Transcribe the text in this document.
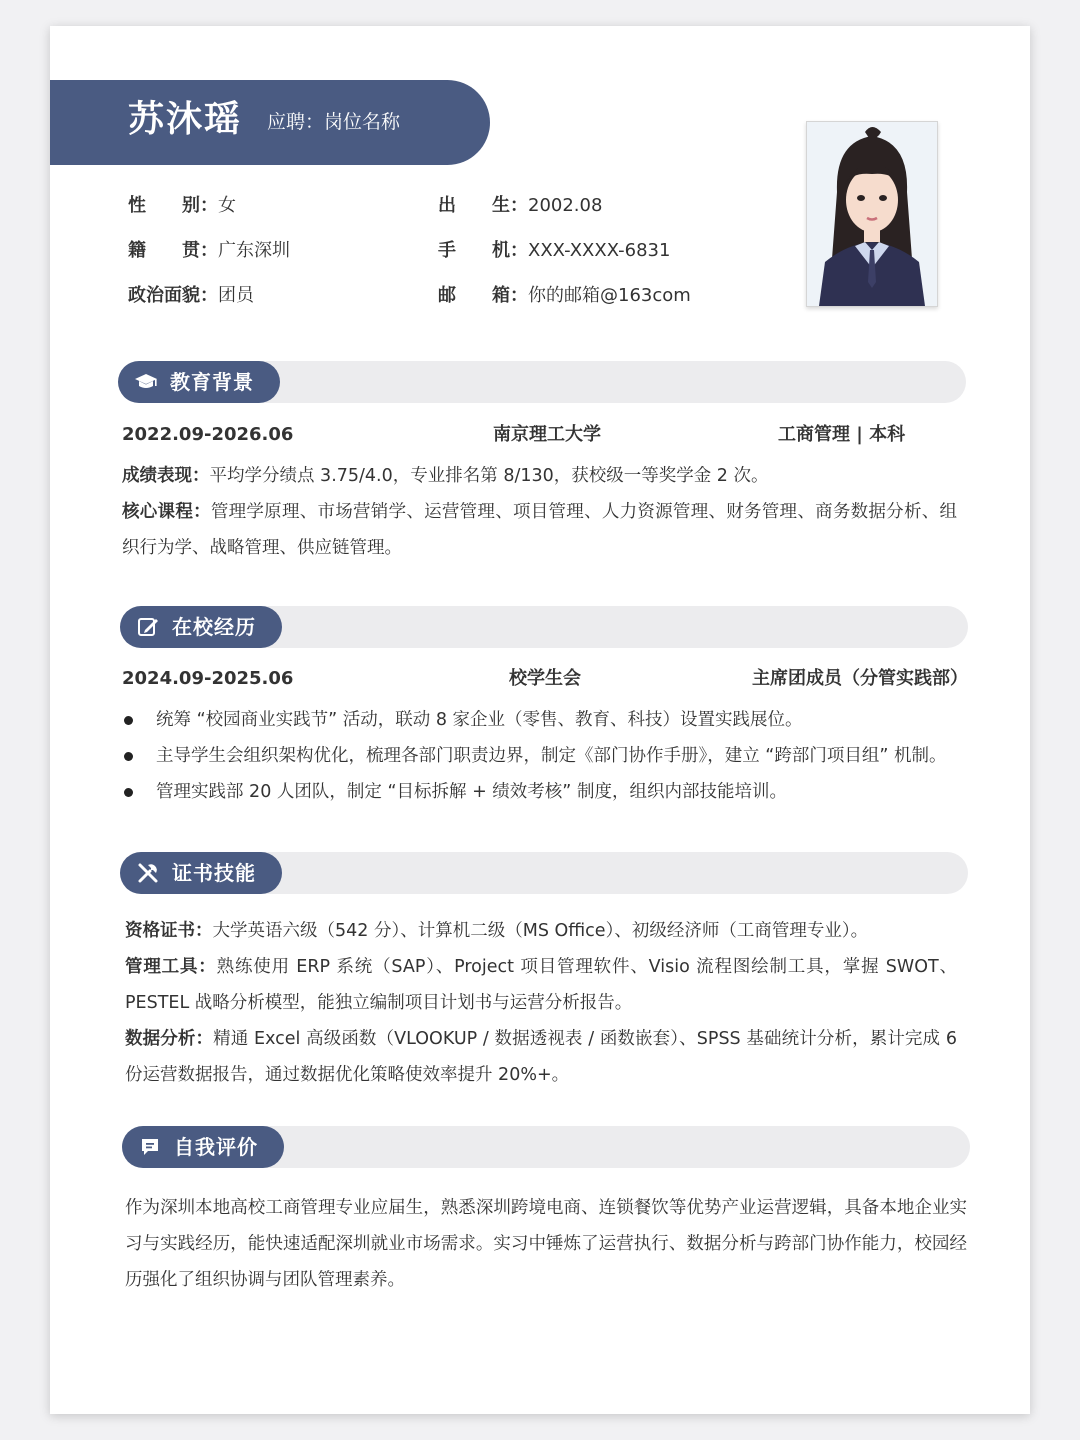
苏沐瑶 应聘：岗位名称
性　　别：女	出　　生：2002.08
籍　　贯：广东深圳	手　　机：XXX-XXXX-6831
政治面貌：团员	邮　　箱：你的邮箱@163com
教育背景
2022.09-2026.06	南京理工大学	工商管理 | 本科
成绩表现：平均学分绩点 3.75/4.0，专业排名第 8/130，获校级一等奖学金 2 次。
核心课程：管理学原理、市场营销学、运营管理、项目管理、人力资源管理、财务管理、商务数据分析、组织行为学、战略管理、供应链管理。
在校经历
2024.09-2025.06	校学生会	主席团成员（分管实践部）
统筹 “校园商业实践节” 活动，联动 8 家企业（零售、教育、科技）设置实践展位。
主导学生会组织架构优化，梳理各部门职责边界，制定《部门协作手册》，建立 “跨部门项目组” 机制。
管理实践部 20 人团队，制定 “目标拆解 + 绩效考核” 制度，组织内部技能培训。
证书技能
资格证书：大学英语六级（542 分）、计算机二级（MS Office）、初级经济师（工商管理专业）。
管理工具：熟练使用 ERP 系统（SAP）、Project 项目管理软件、Visio 流程图绘制工具，掌握 SWOT、PESTEL 战略分析模型，能独立编制项目计划书与运营分析报告。
数据分析：精通 Excel 高级函数（VLOOKUP / 数据透视表 / 函数嵌套）、SPSS 基础统计分析，累计完成 6 份运营数据报告，通过数据优化策略使效率提升 20%+。
自我评价
作为深圳本地高校工商管理专业应届生，熟悉深圳跨境电商、连锁餐饮等优势产业运营逻辑，具备本地企业实习与实践经历，能快速适配深圳就业市场需求。实习中锤炼了运营执行、数据分析与跨部门协作能力，校园经历强化了组织协调与团队管理素养。
